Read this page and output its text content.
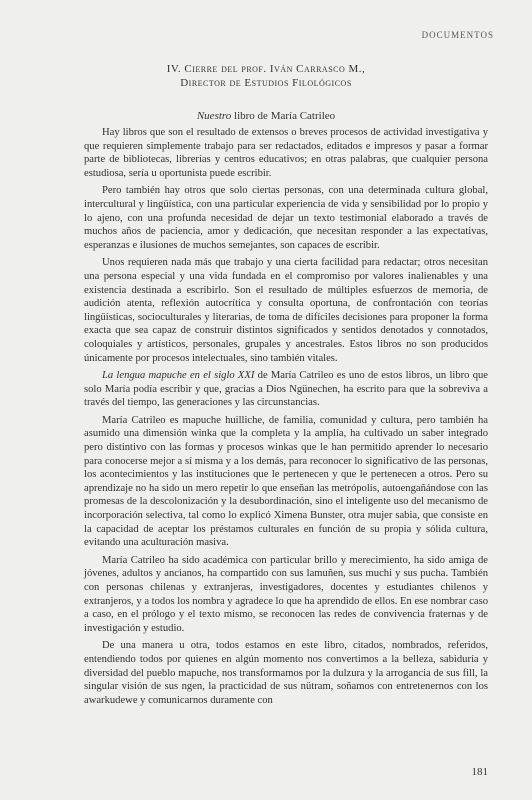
DOCUMENTOS
IV. Cierre del prof. Iván Carrasco M.,
Director de Estudios Filológicos
Nuestro libro de María Catrileo

Hay libros que son el resultado de extensos o breves procesos de actividad investigativa y que requieren simplemente trabajo para ser redactados, editados e impresos y pasar a formar parte de bibliotecas, librerías y centros educativos; en otras palabras, que cualquier persona estudiosa, sería u oportunista puede escribir.

Pero también hay otros que solo ciertas personas, con una determinada cultura global, intercultural y lingüística, con una particular experiencia de vida y sensibilidad por lo propio y lo ajeno, con una profunda necesidad de dejar un texto testimonial elaborado a través de muchos años de paciencia, amor y dedicación, que necesitan responder a las expectativas, esperanzas e ilusiones de muchos semejantes, son capaces de escribir.

Unos requieren nada más que trabajo y una cierta facilidad para redactar; otros necesitan una persona especial y una vida fundada en el compromiso por valores inalienables y una existencia destinada a escribirlo. Son el resultado de múltiples esfuerzos de memoria, de audición atenta, reflexión autocrítica y consulta oportuna, de confrontación con teorías lingüísticas, socioculturales y literarias, de toma de difíciles decisiones para proponer la forma exacta que sea capaz de construir distintos significados y sentidos denotados y connotados, coloquiales y artísticos, personales, grupales y ancestrales. Estos libros no son producidos únicamente por procesos intelectuales, sino también vitales.

La lengua mapuche en el siglo XXI de María Catrileo es uno de estos libros, un libro que solo María podía escribir y que, gracias a Dios Ngünechen, ha escrito para que la sobreviva a través del tiempo, las generaciones y las circunstancias.

María Catrileo es mapuche huilliche, de familia, comunidad y cultura, pero también ha asumido una dimensión winka que la completa y la amplía, ha cultivado un saber integrado pero distintivo con las formas y procesos winkas que le han permitido aprender lo necesario para conocerse mejor a sí misma y a los demás, para reconocer lo significativo de las personas, los acontecimientos y las instituciones que le pertenecen y que le pertenecen a otros. Pero su aprendizaje no ha sido un mero repetir lo que enseñan las metrópolis, autoengañándose con las promesas de la descolonización y la desubordinación, sino el inteligente uso del mecanismo de incorporación selectiva, tal como lo explicó Ximena Bunster, otra mujer sabia, que consiste en la capacidad de aceptar los préstamos culturales en función de su propia y sólida cultura, evitando una aculturación masiva.

María Catrileo ha sido académica con particular brillo y merecimiento, ha sido amiga de jóvenes, adultos y ancianos, ha compartido con sus lamuñen, sus muchi y sus pucha. También con personas chilenas y extranjeras, investigadores, docentes y estudiantes chilenos y extranjeros, y a todos los nombra y agradece lo que ha aprendido de ellos. En ese nombrar caso a caso, en el prólogo y el texto mismo, se reconocen las redes de convivencia fraternas y de investigación y estudio.

De una manera u otra, todos estamos en este libro, citados, nombrados, referidos, entendiendo todos por quienes en algún momento nos convertimos a la belleza, sabiduría y diversidad del pueblo mapuche, nos transformamos por la dulzura y la arrogancia de sus fill, la singular visión de sus ngen, la practicidad de sus nütram, soñamos con entretenernos con los awarkudewe y comunicarnos duramente con

181
